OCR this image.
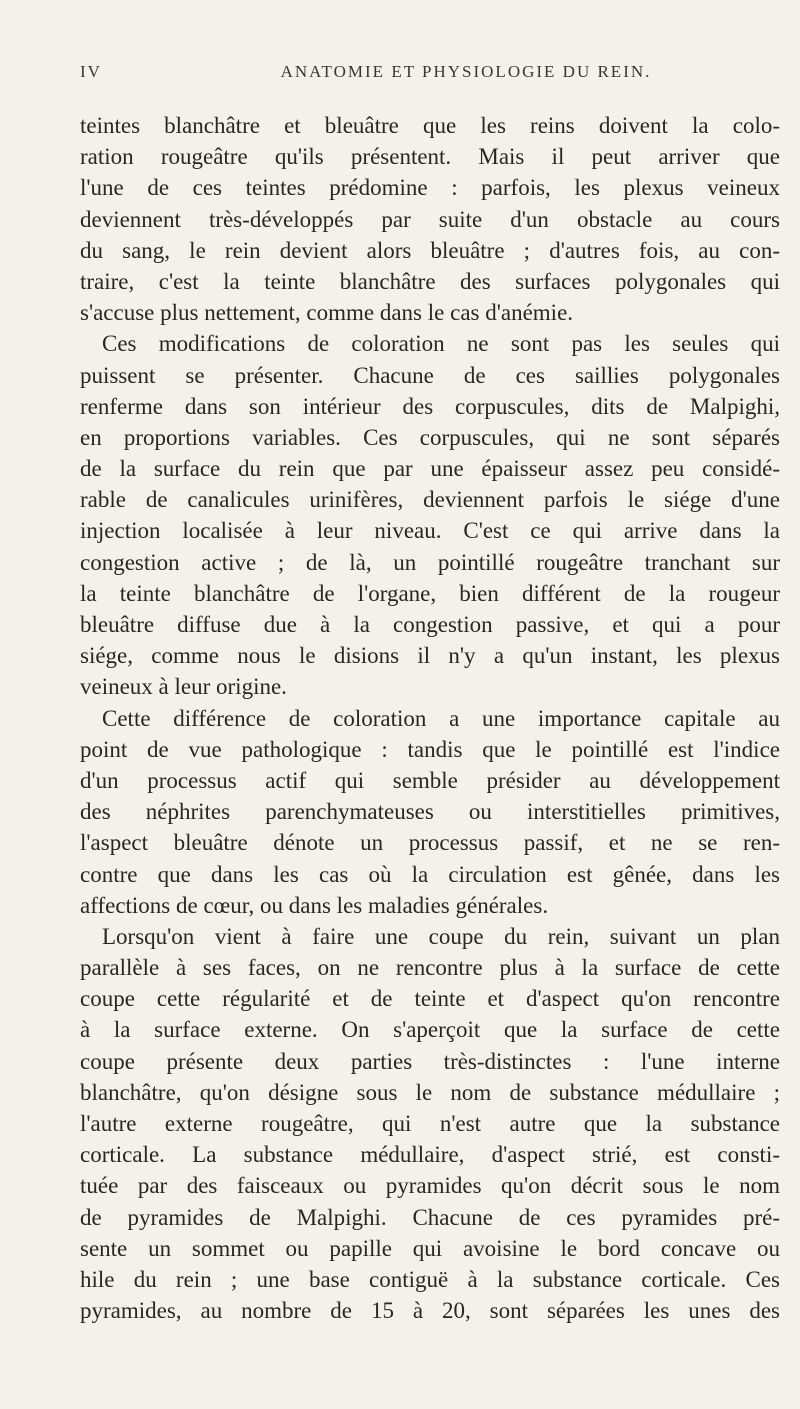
IV	ANATOMIE ET PHYSIOLOGIE DU REIN.
teintes blanchâtre et bleuâtre que les reins doivent la colo-
ration rougeâtre qu'ils présentent. Mais il peut arriver que
l'une de ces teintes prédomine : parfois, les plexus veineux
deviennent très-développés par suite d'un obstacle au cours
du sang, le rein devient alors bleuâtre ; d'autres fois, au con-
traire, c'est la teinte blanchâtre des surfaces polygonales qui
s'accuse plus nettement, comme dans le cas d'anémie.
Ces modifications de coloration ne sont pas les seules qui
puissent se présenter. Chacune de ces saillies polygonales
renferme dans son intérieur des corpuscules, dits de Malpighi,
en proportions variables. Ces corpuscules, qui ne sont séparés
de la surface du rein que par une épaisseur assez peu considé-
rable de canalicules urinifères, deviennent parfois le siége d'une
injection localisée à leur niveau. C'est ce qui arrive dans la
congestion active ; de là, un pointillé rougeâtre tranchant sur
la teinte blanchâtre de l'organe, bien différent de la rougeur
bleuâtre diffuse due à la congestion passive, et qui a pour
siége, comme nous le disions il n'y a qu'un instant, les plexus
veineux à leur origine.
Cette différence de coloration a une importance capitale au
point de vue pathologique : tandis que le pointillé est l'indice
d'un processus actif qui semble présider au développement
des néphrites parenchymateuses ou interstitielles primitives,
l'aspect bleuâtre dénote un processus passif, et ne se ren-
contre que dans les cas où la circulation est gênée, dans les
affections de cœur, ou dans les maladies générales.
Lorsqu'on vient à faire une coupe du rein, suivant un plan
parallèle à ses faces, on ne rencontre plus à la surface de cette
coupe cette régularité et de teinte et d'aspect qu'on rencontre
à la surface externe. On s'aperçoit que la surface de cette
coupe présente deux parties très-distinctes : l'une interne
blanchâtre, qu'on désigne sous le nom de substance médullaire ;
l'autre externe rougeâtre, qui n'est autre que la substance
corticale. La substance médullaire, d'aspect strié, est consti-
tuée par des faisceaux ou pyramides qu'on décrit sous le nom
de pyramides de Malpighi. Chacune de ces pyramides pré-
sente un sommet ou papille qui avoisine le bord concave ou
hile du rein ; une base contiguë à la substance corticale. Ces
pyramides, au nombre de 15 à 20, sont séparées les unes des
